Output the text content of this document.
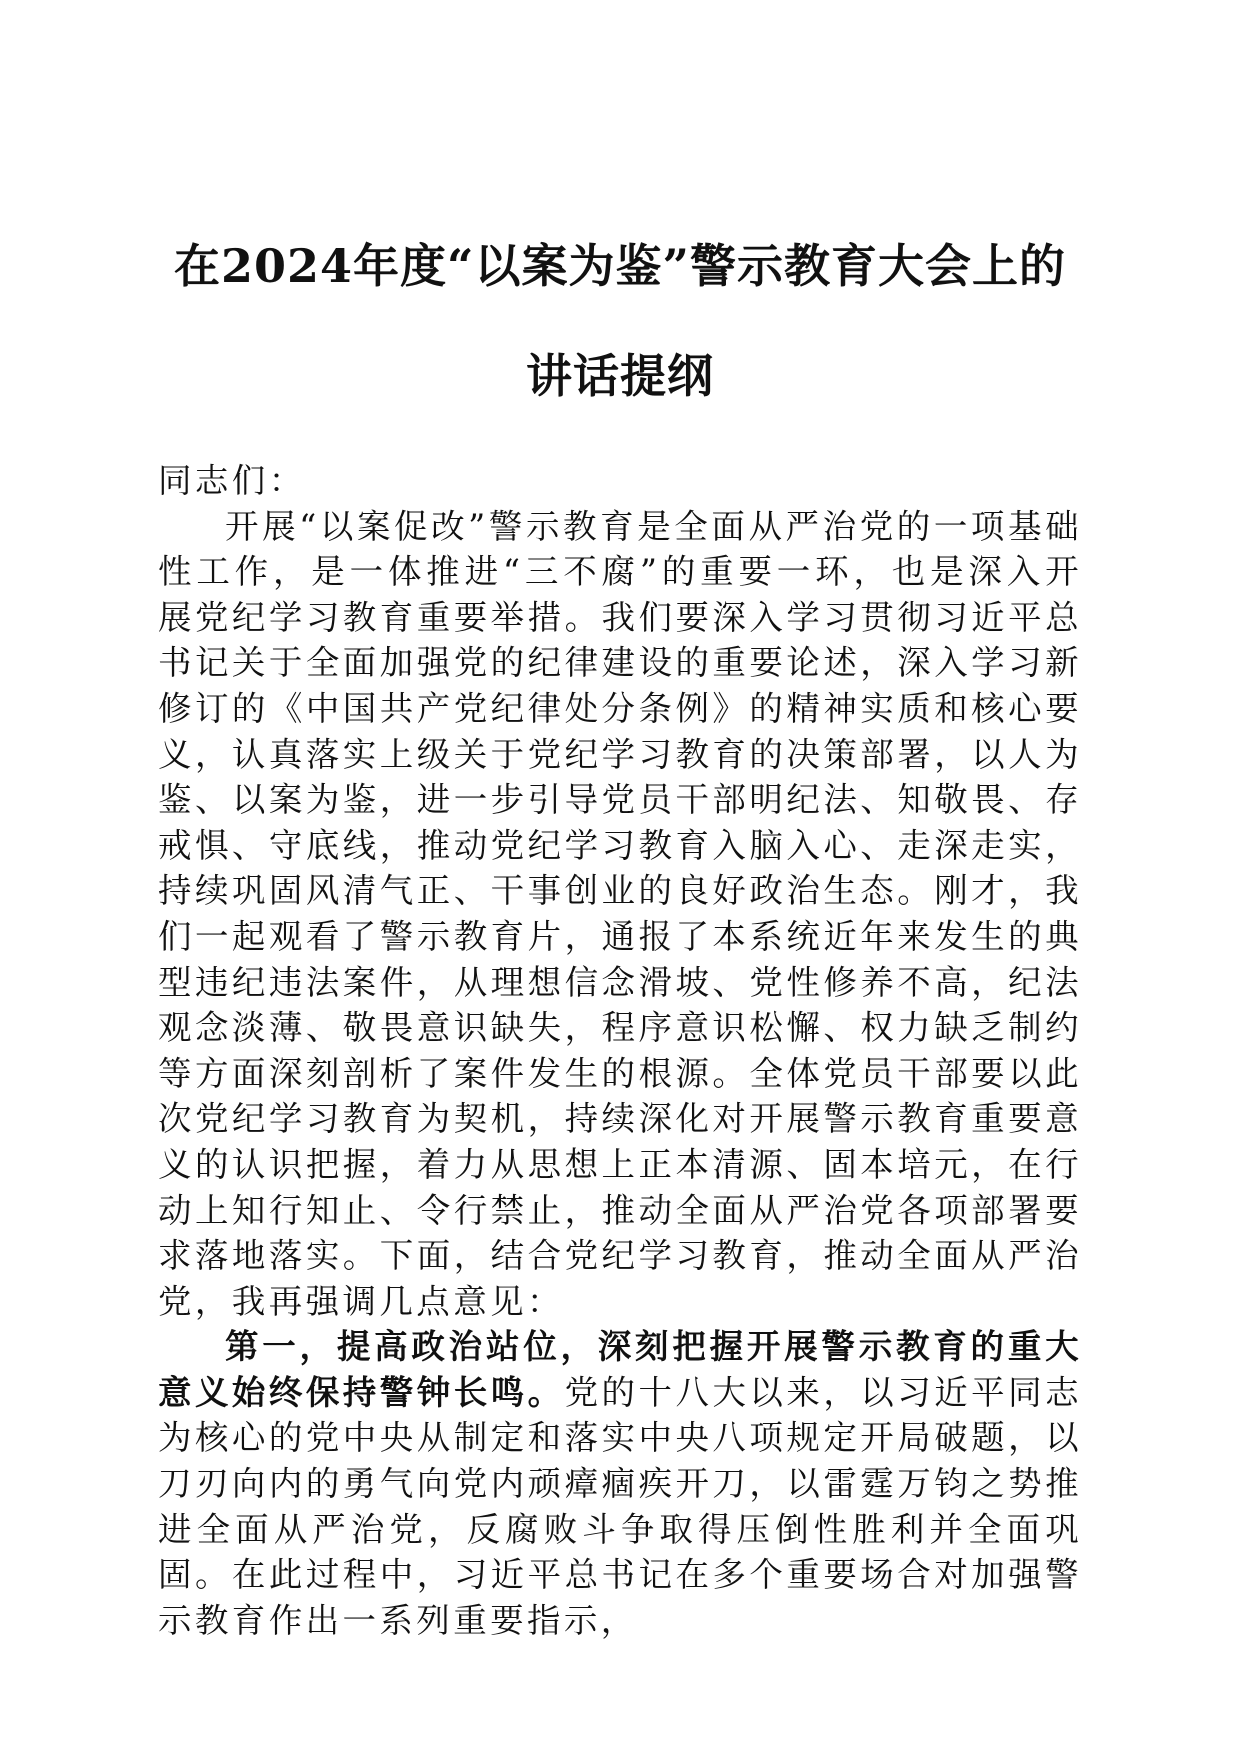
在2024年度“以案为鉴”警示教育大会上的
讲话提纲

同志们：

开展“以案促改”警示教育是全面从严治党的一项基础性工作，是一体推进“三不腐”的重要一环，也是深入开展党纪学习教育重要举措。我们要深入学习贯彻习近平总书记关于全面加强党的纪律建设的重要论述，深入学习新修订的《中国共产党纪律处分条例》的精神实质和核心要义，认真落实上级关于党纪学习教育的决策部署，以人为鉴、以案为鉴，进一步引导党员干部明纪法、知敬畏、存戒惧、守底线，推动党纪学习教育入脑入心、走深走实，持续巩固风清气正、干事创业的良好政治生态。刚才，我们一起观看了警示教育片，通报了本系统近年来发生的典型违纪违法案件，从理想信念滑坡、党性修养不高，纪法观念淡薄、敬畏意识缺失，程序意识松懈、权力缺乏制约等方面深刻剖析了案件发生的根源。全体党员干部要以此次党纪学习教育为契机，持续深化对开展警示教育重要意义的认识把握，着力从思想上正本清源、固本培元，在行动上知行知止、令行禁止，推动全面从严治党各项部署要求落地落实。下面，结合党纪学习教育，推动全面从严治党，我再强调几点意见：

第一，提高政治站位，深刻把握开展警示教育的重大意义始终保持警钟长鸣。党的十八大以来，以习近平同志为核心的党中央从制定和落实中央八项规定开局破题，以刀刃向内的勇气向党内顽瘴痼疾开刀，以雷霆万钧之势推进全面从严治党，反腐败斗争取得压倒性胜利并全面巩固。在此过程中，习近平总书记在多个重要场合对加强警示教育作出一系列重要指示，
